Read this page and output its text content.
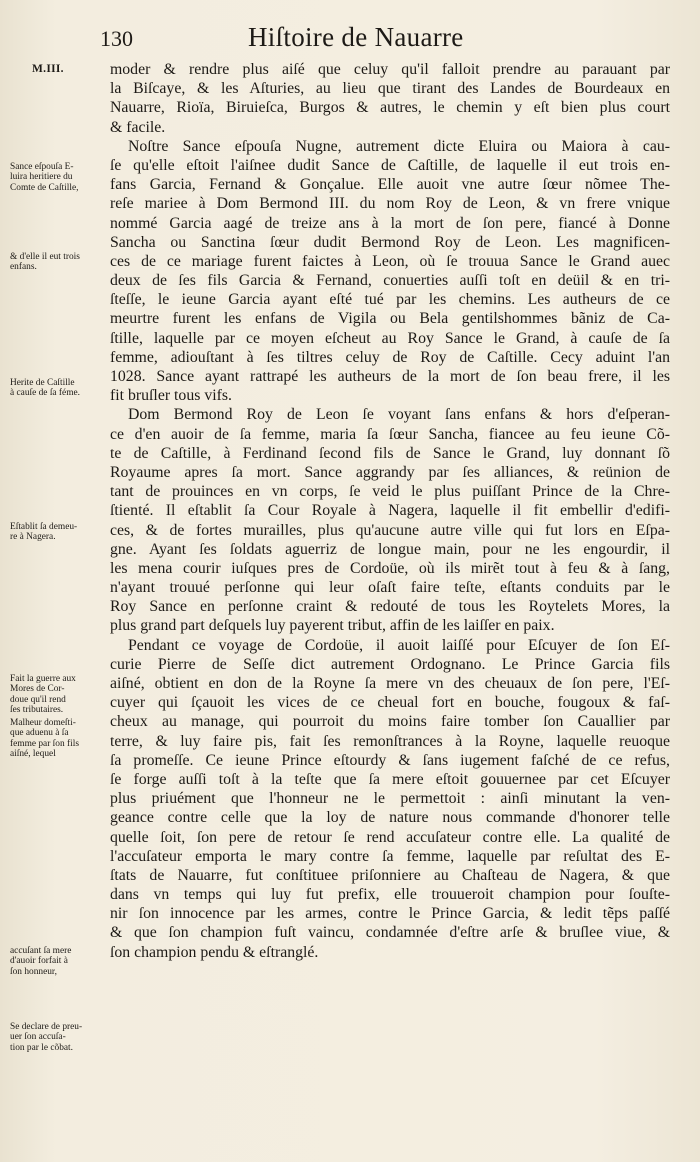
130	Hiſtoire de Nauarre
M.III.
Sance eſpouſa E-
luira heritiere du
Comte de Caſtille,
& d'elle il eut trois
enfans.
Herite de Caſtille
à cauſe de ſa féme.
Eſtablit ſa demeu-
re à Nagera.
Fait la guerre aux
Mores de Cor-
doue qu'il rend
ſes tributaires.
Malheur domeſti-
que aduenu à ſa
femme par ſon fils
aiſné, lequel
accuſant ſa mere
d'auoir forfait à
ſon honneur,
Se declare de preu-
uer ſon accuſa-
tion par le cõbat.
moder & rendre plus aiſé que celuy qu'il falloit prendre au parauant par
la Biſcaye, & les Aſturies, au lieu que tirant des Landes de Bourdeaux en
Nauarre, Rioïa, Biruieſca, Burgos & autres, le chemin y eſt bien plus court
& facile.
Noſtre Sance eſpouſa Nugne, autrement dicte Eluira ou Maiora à cau-
ſe qu'elle eſtoit l'aiſnee dudit Sance de Caſtille, de laquelle il eut trois en-
fans Garcia, Fernand & Gonçalue. Elle auoit vne autre ſœur nõmee The-
reſe mariee à Dom Bermond III. du nom Roy de Leon, & vn frere vnique
nommé Garcia aagé de treize ans à la mort de ſon pere, fiancé à Donne
Sancha ou Sanctina ſœur dudit Bermond Roy de Leon. Les magnificen-
ces de ce mariage furent faictes à Leon, où ſe trouua Sance le Grand auec
deux de ſes fils Garcia & Fernand, conuerties auſſi toſt en deüil & en tri-
ſteſſe, le ieune Garcia ayant eſté tué par les chemins. Les autheurs de ce
meurtre furent les enfans de Vigila ou Bela gentilshommes bãniz de Ca-
ſtille, laquelle par ce moyen eſcheut au Roy Sance le Grand, à cauſe de ſa
femme, adiouſtant à ſes tiltres celuy de Roy de Caſtille. Cecy aduint l'an
1028. Sance ayant rattrapé les autheurs de la mort de ſon beau frere, il les
fit bruſler tous vifs.
Dom Bermond Roy de Leon ſe voyant ſans enfans & hors d'eſperan-
ce d'en auoir de ſa femme, maria ſa ſœur Sancha, fiancee au feu ieune Cõ-
te de Caſtille, à Ferdinand ſecond fils de Sance le Grand, luy donnant ſõ
Royaume apres ſa mort. Sance aggrandy par ſes alliances, & reünion de
tant de prouinces en vn corps, ſe veid le plus puiſſant Prince de la Chre-
ſtienté. Il eſtablit ſa Cour Royale à Nagera, laquelle il fit embellir d'edifi-
ces, & de fortes murailles, plus qu'aucune autre ville qui fut lors en Eſpa-
gne. Ayant ſes ſoldats aguerriz de longue main, pour ne les engourdir, il
les mena courir iuſques pres de Cordoüe, où ils mirẽt tout à feu & à ſang,
n'ayant trouué perſonne qui leur oſaſt faire teſte, eſtants conduits par le
Roy Sance en perſonne craint & redouté de tous les Roytelets Mores, la
plus grand part deſquels luy payerent tribut, affin de les laiſſer en paix.
Pendant ce voyage de Cordoüe, il auoit laiſſé pour Eſcuyer de ſon Eſ-
curie Pierre de Seſſe dict autrement Ordognano. Le Prince Garcia fils
aiſné, obtient en don de la Royne ſa mere vn des cheuaux de ſon pere, l'Eſ-
cuyer qui ſçauoit les vices de ce cheual fort en bouche, fougoux & faſ-
cheux au manage, qui pourroit du moins faire tomber ſon Cauallier par
terre, & luy faire pis, fait ſes remonſtrances à la Royne, laquelle reuoque
ſa promeſſe. Ce ieune Prince eſtourdy & ſans iugement faſché de ce refus,
ſe forge auſſi toſt à la teſte que ſa mere eſtoit gouuernee par cet Eſcuyer
plus priuément que l'honneur ne le permettoit : ainſi minutant la ven-
geance contre celle que la loy de nature nous commande d'honorer telle
quelle ſoit, ſon pere de retour ſe rend accuſateur contre elle. La qualité de
l'accuſateur emporta le mary contre ſa femme, laquelle par reſultat des E-
ſtats de Nauarre, fut conſtituee priſonniere au Chaſteau de Nagera, & que
dans vn temps qui luy fut prefix, elle trouueroit champion pour ſouſte-
nir ſon innocence par les armes, contre le Prince Garcia, & ledit tẽps paſſé
& que ſon champion fuſt vaincu, condamnée d'eſtre arſe & bruſlee viue, &
ſon champion pendu & eſtranglé.
